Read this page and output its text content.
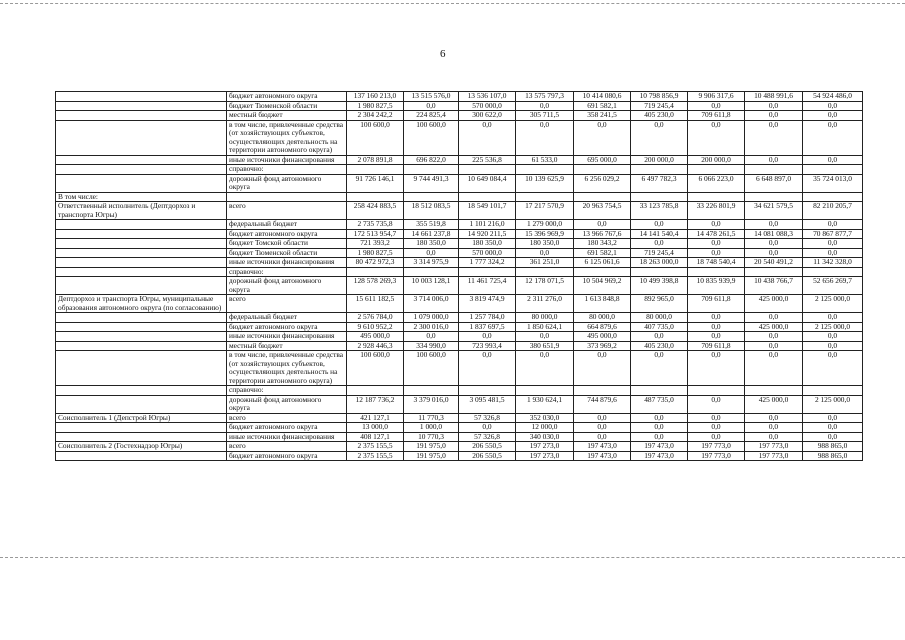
6
	бюджет автономного округа	137 160 213,0	13 515 576,0	13 536 107,0	13 575 797,3	10 414 080,6	10 798 856,9	9 906 317,6	10 488 991,6	54 924 486,0
	бюджет Тюменской области	1 980 827,5	0,0	570 000,0	0,0	691 582,1	719 245,4	0,0	0,0	0,0
	местный бюджет	2 304 242,2	224 825,4	300 622,0	305 711,5	358 241,5	405 230,0	709 611,8	0,0	0,0
	в том числе, привлеченные средства (от хозяйствующих субъектов, осуществляющих деятельность на территории автономного округа)	100 600,0	100 600,0	0,0	0,0	0,0	0,0	0,0	0,0	0,0
	иные источники финансирования	2 078 891,8	696 822,0	225 536,8	61 533,0	695 000,0	200 000,0	200 000,0	0,0	0,0
	справочно:									
	дорожный фонд автономного округа	91 726 146,1	9 744 491,3	10 649 084,4	10 139 625,9	6 256 029,2	6 497 782,3	6 066 223,0	6 648 897,0	35 724 013,0
В том числе:										
Ответственный исполнитель (Дептдорхоз и транспорта Югры)	всего	258 424 883,5	18 512 083,5	18 549 101,7	17 217 570,9	20 963 754,5	33 123 785,8	33 226 801,9	34 621 579,5	82 210 205,7
	федеральный бюджет	2 735 735,8	355 519,8	1 101 216,0	1 279 000,0	0,0	0,0	0,0	0,0	0,0
	бюджет автономного округа	172 513 954,7	14 661 237,8	14 920 211,5	15 396 969,9	13 966 767,6	14 141 540,4	14 478 261,5	14 081 088,3	70 867 877,7
	бюджет Томской области	721 393,2	180 350,0	180 350,0	180 350,0	180 343,2	0,0	0,0	0,0	0,0
	бюджет Тюменской области	1 980 827,5	0,0	570 000,0	0,0	691 582,1	719 245,4	0,0	0,0	0,0
	иные источники финансирования	80 472 972,3	3 314 975,9	1 777 324,2	361 251,0	6 125 061,6	18 263 000,0	18 748 540,4	20 540 491,2	11 342 328,0
	справочно:									
	дорожный фонд автономного округа	128 578 269,3	10 003 128,1	11 461 725,4	12 178 071,5	10 504 969,2	10 499 398,8	10 835 939,9	10 438 766,7	52 656 269,7
Дептдорхоз и транспорта Югры, муниципальные образования автономного округа (по согласованию)	всего	15 611 182,5	3 714 006,0	3 819 474,9	2 311 276,0	1 613 848,8	892 965,0	709 611,8	425 000,0	2 125 000,0
	федеральный бюджет	2 576 784,0	1 079 000,0	1 257 784,0	80 000,0	80 000,0	80 000,0	0,0	0,0	0,0
	бюджет автономного округа	9 610 952,2	2 300 016,0	1 837 697,5	1 850 624,1	664 879,6	407 735,0	0,0	425 000,0	2 125 000,0
	иные источники финансирования	495 000,0	0,0	0,0	0,0	495 000,0	0,0	0,0	0,0	0,0
	местный бюджет	2 928 446,3	334 990,0	723 993,4	380 651,9	373 969,2	405 230,0	709 611,8	0,0	0,0
	в том числе, привлеченные средства (от хозяйствующих субъектов, осуществляющих деятельность на территории автономного округа)	100 600,0	100 600,0	0,0	0,0	0,0	0,0	0,0	0,0	0,0
	справочно:									
	дорожный фонд автономного округа	12 187 736,2	3 379 016,0	3 095 481,5	1 930 624,1	744 879,6	487 735,0	0,0	425 000,0	2 125 000,0
Соисполнитель 1 (Депстрой Югры)	всего	421 127,1	11 770,3	57 326,8	352 030,0	0,0	0,0	0,0	0,0	0,0
	бюджет автономного округа	13 000,0	1 000,0	0,0	12 000,0	0,0	0,0	0,0	0,0	0,0
	иные источники финансирования	408 127,1	10 770,3	57 326,8	340 030,0	0,0	0,0	0,0	0,0	0,0
Соисполнитель 2 (Гостехнадзор Югры)	всего	2 375 155,5	191 975,0	206 550,5	197 273,0	197 473,0	197 473,0	197 773,0	197 773,0	988 865,0
	бюджет автономного округа	2 375 155,5	191 975,0	206 550,5	197 273,0	197 473,0	197 473,0	197 773,0	197 773,0	988 865,0
